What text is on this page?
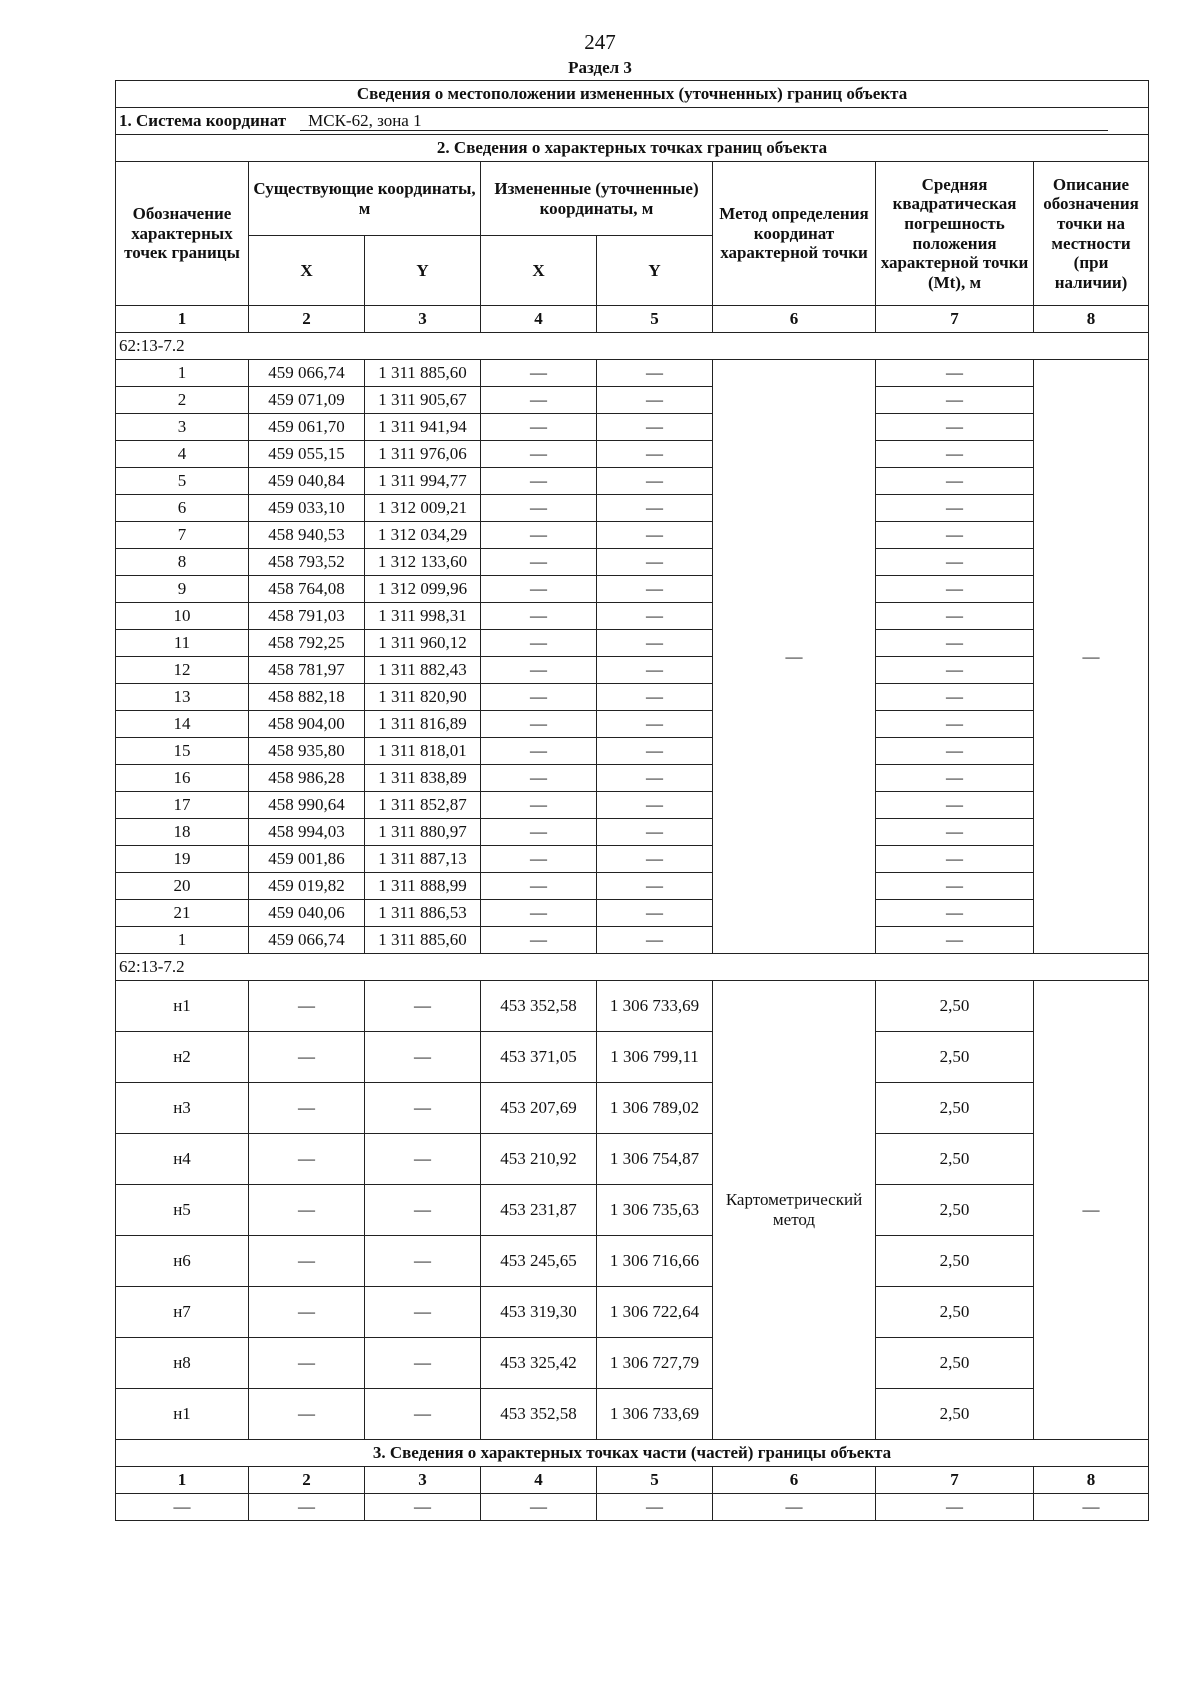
247
Раздел 3
Сведения о местоположении измененных (уточненных) границ объекта							
1. Система координат МСК-62, зона 1							
2. Сведения о характерных точках границ объекта							
Обозначение характерных точек границы	Существующие координаты, м		Измененные (уточненные) координаты, м		Метод определения координат характерной точки	Средняя квадратическая погрешность положения характерной точки (Mt), м	Описание обозначения точки на местности (при наличии)
	X	Y	X	Y			
1	2	3	4	5	6	7	8
62:13-7.2							
1	459 066,74	1 311 885,60	—	—	—	—	—
2	459 071,09	1 311 905,67	—	—		—	
3	459 061,70	1 311 941,94	—	—		—	
4	459 055,15	1 311 976,06	—	—		—	
5	459 040,84	1 311 994,77	—	—		—	
6	459 033,10	1 312 009,21	—	—		—	
7	458 940,53	1 312 034,29	—	—		—	
8	458 793,52	1 312 133,60	—	—		—	
9	458 764,08	1 312 099,96	—	—		—	
10	458 791,03	1 311 998,31	—	—		—	
11	458 792,25	1 311 960,12	—	—		—	
12	458 781,97	1 311 882,43	—	—		—	
13	458 882,18	1 311 820,90	—	—		—	
14	458 904,00	1 311 816,89	—	—		—	
15	458 935,80	1 311 818,01	—	—		—	
16	458 986,28	1 311 838,89	—	—		—	
17	458 990,64	1 311 852,87	—	—		—	
18	458 994,03	1 311 880,97	—	—		—	
19	459 001,86	1 311 887,13	—	—		—	
20	459 019,82	1 311 888,99	—	—		—	
21	459 040,06	1 311 886,53	—	—		—	
1	459 066,74	1 311 885,60	—	—		—	
62:13-7.2							
н1	—	—	453 352,58	1 306 733,69	Картометрический метод	2,50	—
н2	—	—	453 371,05	1 306 799,11		2,50	
н3	—	—	453 207,69	1 306 789,02		2,50	
н4	—	—	453 210,92	1 306 754,87		2,50	
н5	—	—	453 231,87	1 306 735,63		2,50	
н6	—	—	453 245,65	1 306 716,66		2,50	
н7	—	—	453 319,30	1 306 722,64		2,50	
н8	—	—	453 325,42	1 306 727,79		2,50	
н1	—	—	453 352,58	1 306 733,69		2,50	
3. Сведения о характерных точках части (частей) границы объекта							
1	2	3	4	5	6	7	8
—	—	—	—	—	—	—	—
